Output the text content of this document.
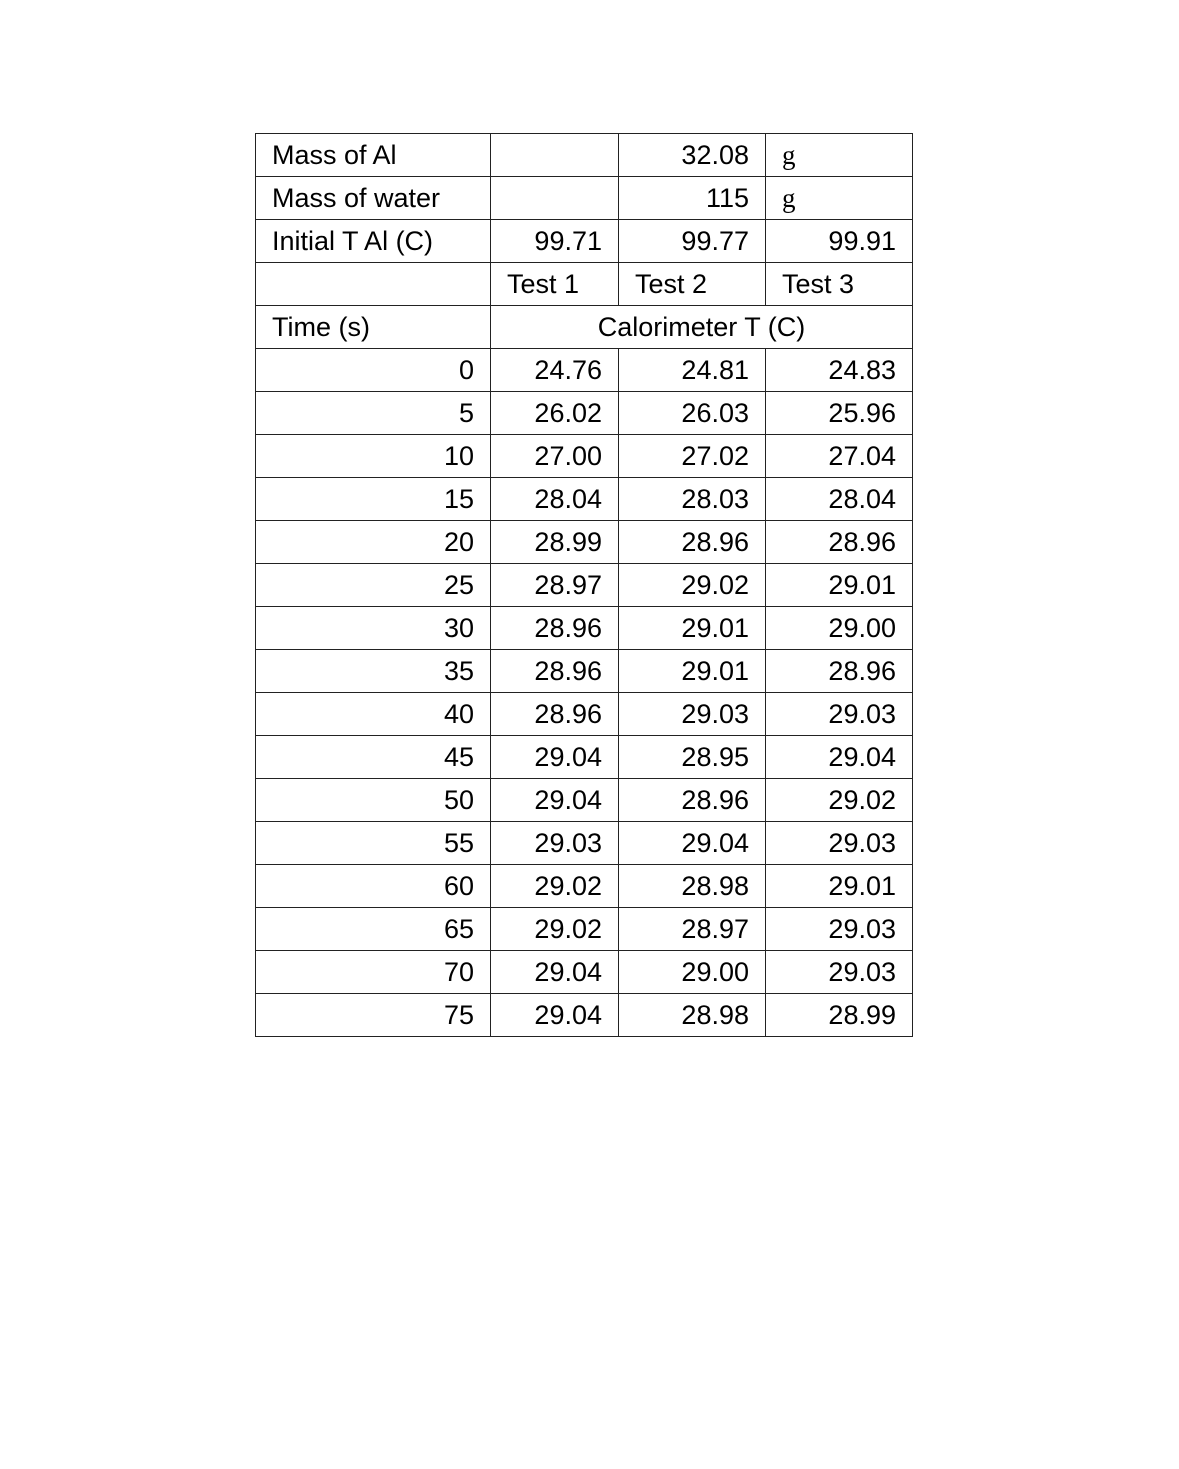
Mass of Al		32.08	g
Mass of water		115	g
Initial T Al (C)	99.71	99.77	99.91
	Test 1	Test 2	Test 3
Time (s)	Calorimeter T (C)		
0	24.76	24.81	24.83
5	26.02	26.03	25.96
10	27.00	27.02	27.04
15	28.04	28.03	28.04
20	28.99	28.96	28.96
25	28.97	29.02	29.01
30	28.96	29.01	29.00
35	28.96	29.01	28.96
40	28.96	29.03	29.03
45	29.04	28.95	29.04
50	29.04	28.96	29.02
55	29.03	29.04	29.03
60	29.02	28.98	29.01
65	29.02	28.97	29.03
70	29.04	29.00	29.03
75	29.04	28.98	28.99
